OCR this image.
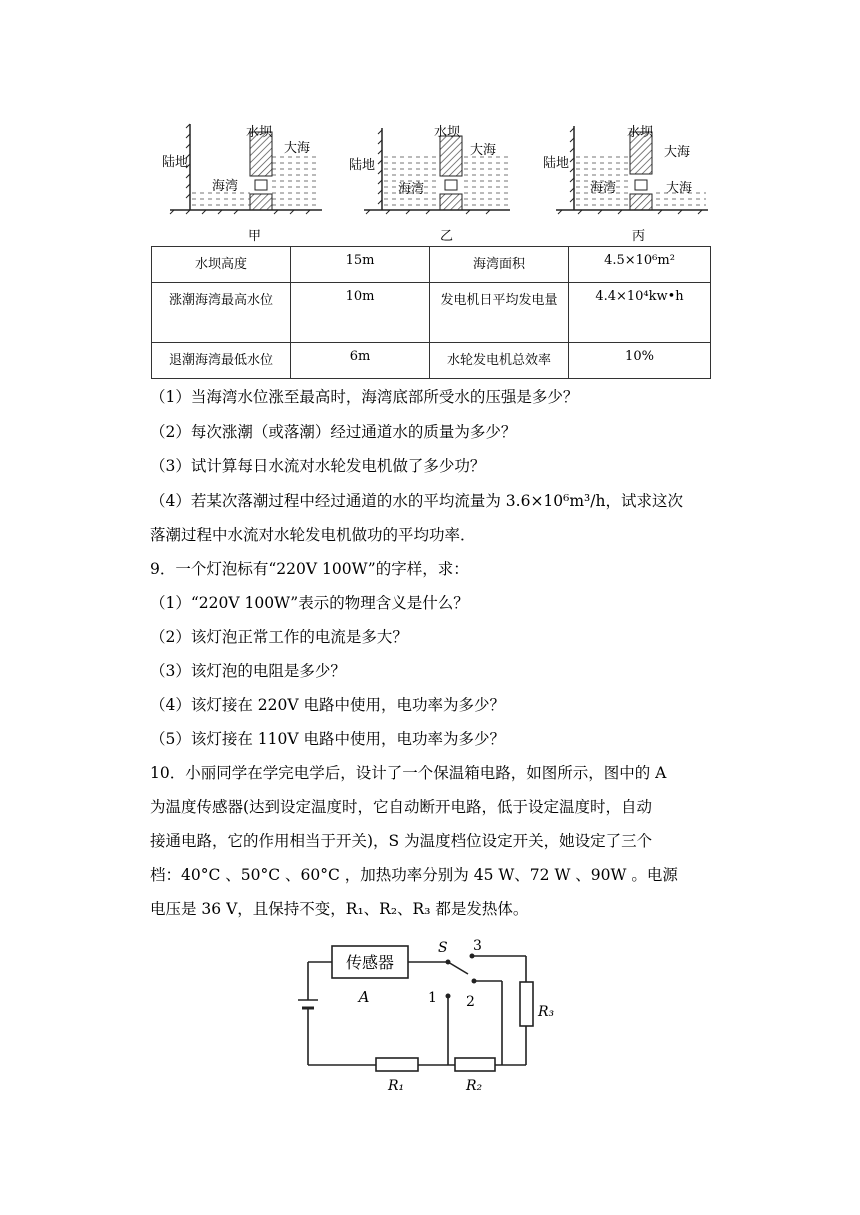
水坝
大海
陆地
海湾
甲
水坝
大海
陆地
海湾
乙
水坝
大海
陆地
海湾	大海
丙
水坝高度	15m	海湾面积	4.5×10⁶m²
涨潮海湾最高水位	10m	发电机日平均发电量	4.4×10⁴kw•h
退潮海湾最低水位	6m	水轮发电机总效率	10%
（1）当海湾水位涨至最高时，海湾底部所受水的压强是多少？
（2）每次涨潮（或落潮）经过通道水的质量为多少？
（3）试计算每日水流对水轮发电机做了多少功？
（4）若某次落潮过程中经过通道的水的平均流量为 3.6×10⁶m³/h，试求这次
落潮过程中水流对水轮发电机做功的平均功率．
9．一个灯泡标有“220V 100W”的字样，求：
（1）“220V 100W”表示的物理含义是什么？
（2）该灯泡正常工作的电流是多大？
（3）该灯泡的电阻是多少？
（4）该灯接在 220V 电路中使用，电功率为多少？
（5）该灯接在 110V 电路中使用，电功率为多少？
10．小丽同学在学完电学后，设计了一个保温箱电路，如图所示，图中的 A
为温度传感器(达到设定温度时，它自动断开电路，低于设定温度时，自动
接通电路，它的作用相当于开关)，S 为温度档位设定开关，她设定了三个
档：40°C 、50°C 、60°C ，加热功率分别为 45 W、72 W 、90W 。电源
电压是 36 V，且保持不变，R₁、R₂、R₃ 都是发热体。
传感器
A
S 3
R₃
2
1
R₁	R₂
